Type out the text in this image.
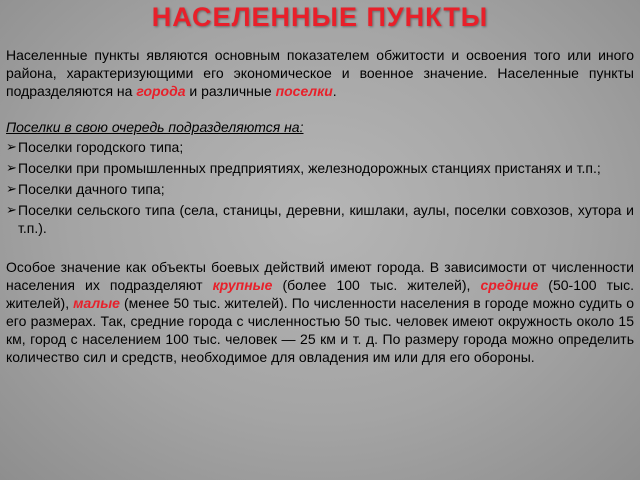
НАСЕЛЕННЫЕ ПУНКТЫ

Населенные пункты являются основным показателем обжитости и освоения того или иного района, характеризующими его экономическое и военное значение. Населенные пункты подразделяются на города и различные поселки.

Поселки в свою очередь подразделяются на:

➢ Поселки городского типа;
➢ Поселки при промышленных предприятиях, железнодорожных станциях пристанях и т.п.;
➢ Поселки дачного типа;
➢ Поселки сельского типа (села, станицы, деревни, кишлаки, аулы, поселки совхозов, хутора и т.п.).

Особое значение как объекты боевых действий имеют города. В зависимости от численности населения их подразделяют крупные (более 100 тыс. жителей), средние (50-100 тыс. жителей), малые (менее 50 тыс. жителей). По численности населения в городе можно судить о его размерах. Так, средние города с численностью 50 тыс. человек имеют окружность около 15 км, город с населением 100 тыс. человек — 25 км и т. д. По размеру города можно определить количество сил и средств, необходимое для овладения им или для его обороны.
